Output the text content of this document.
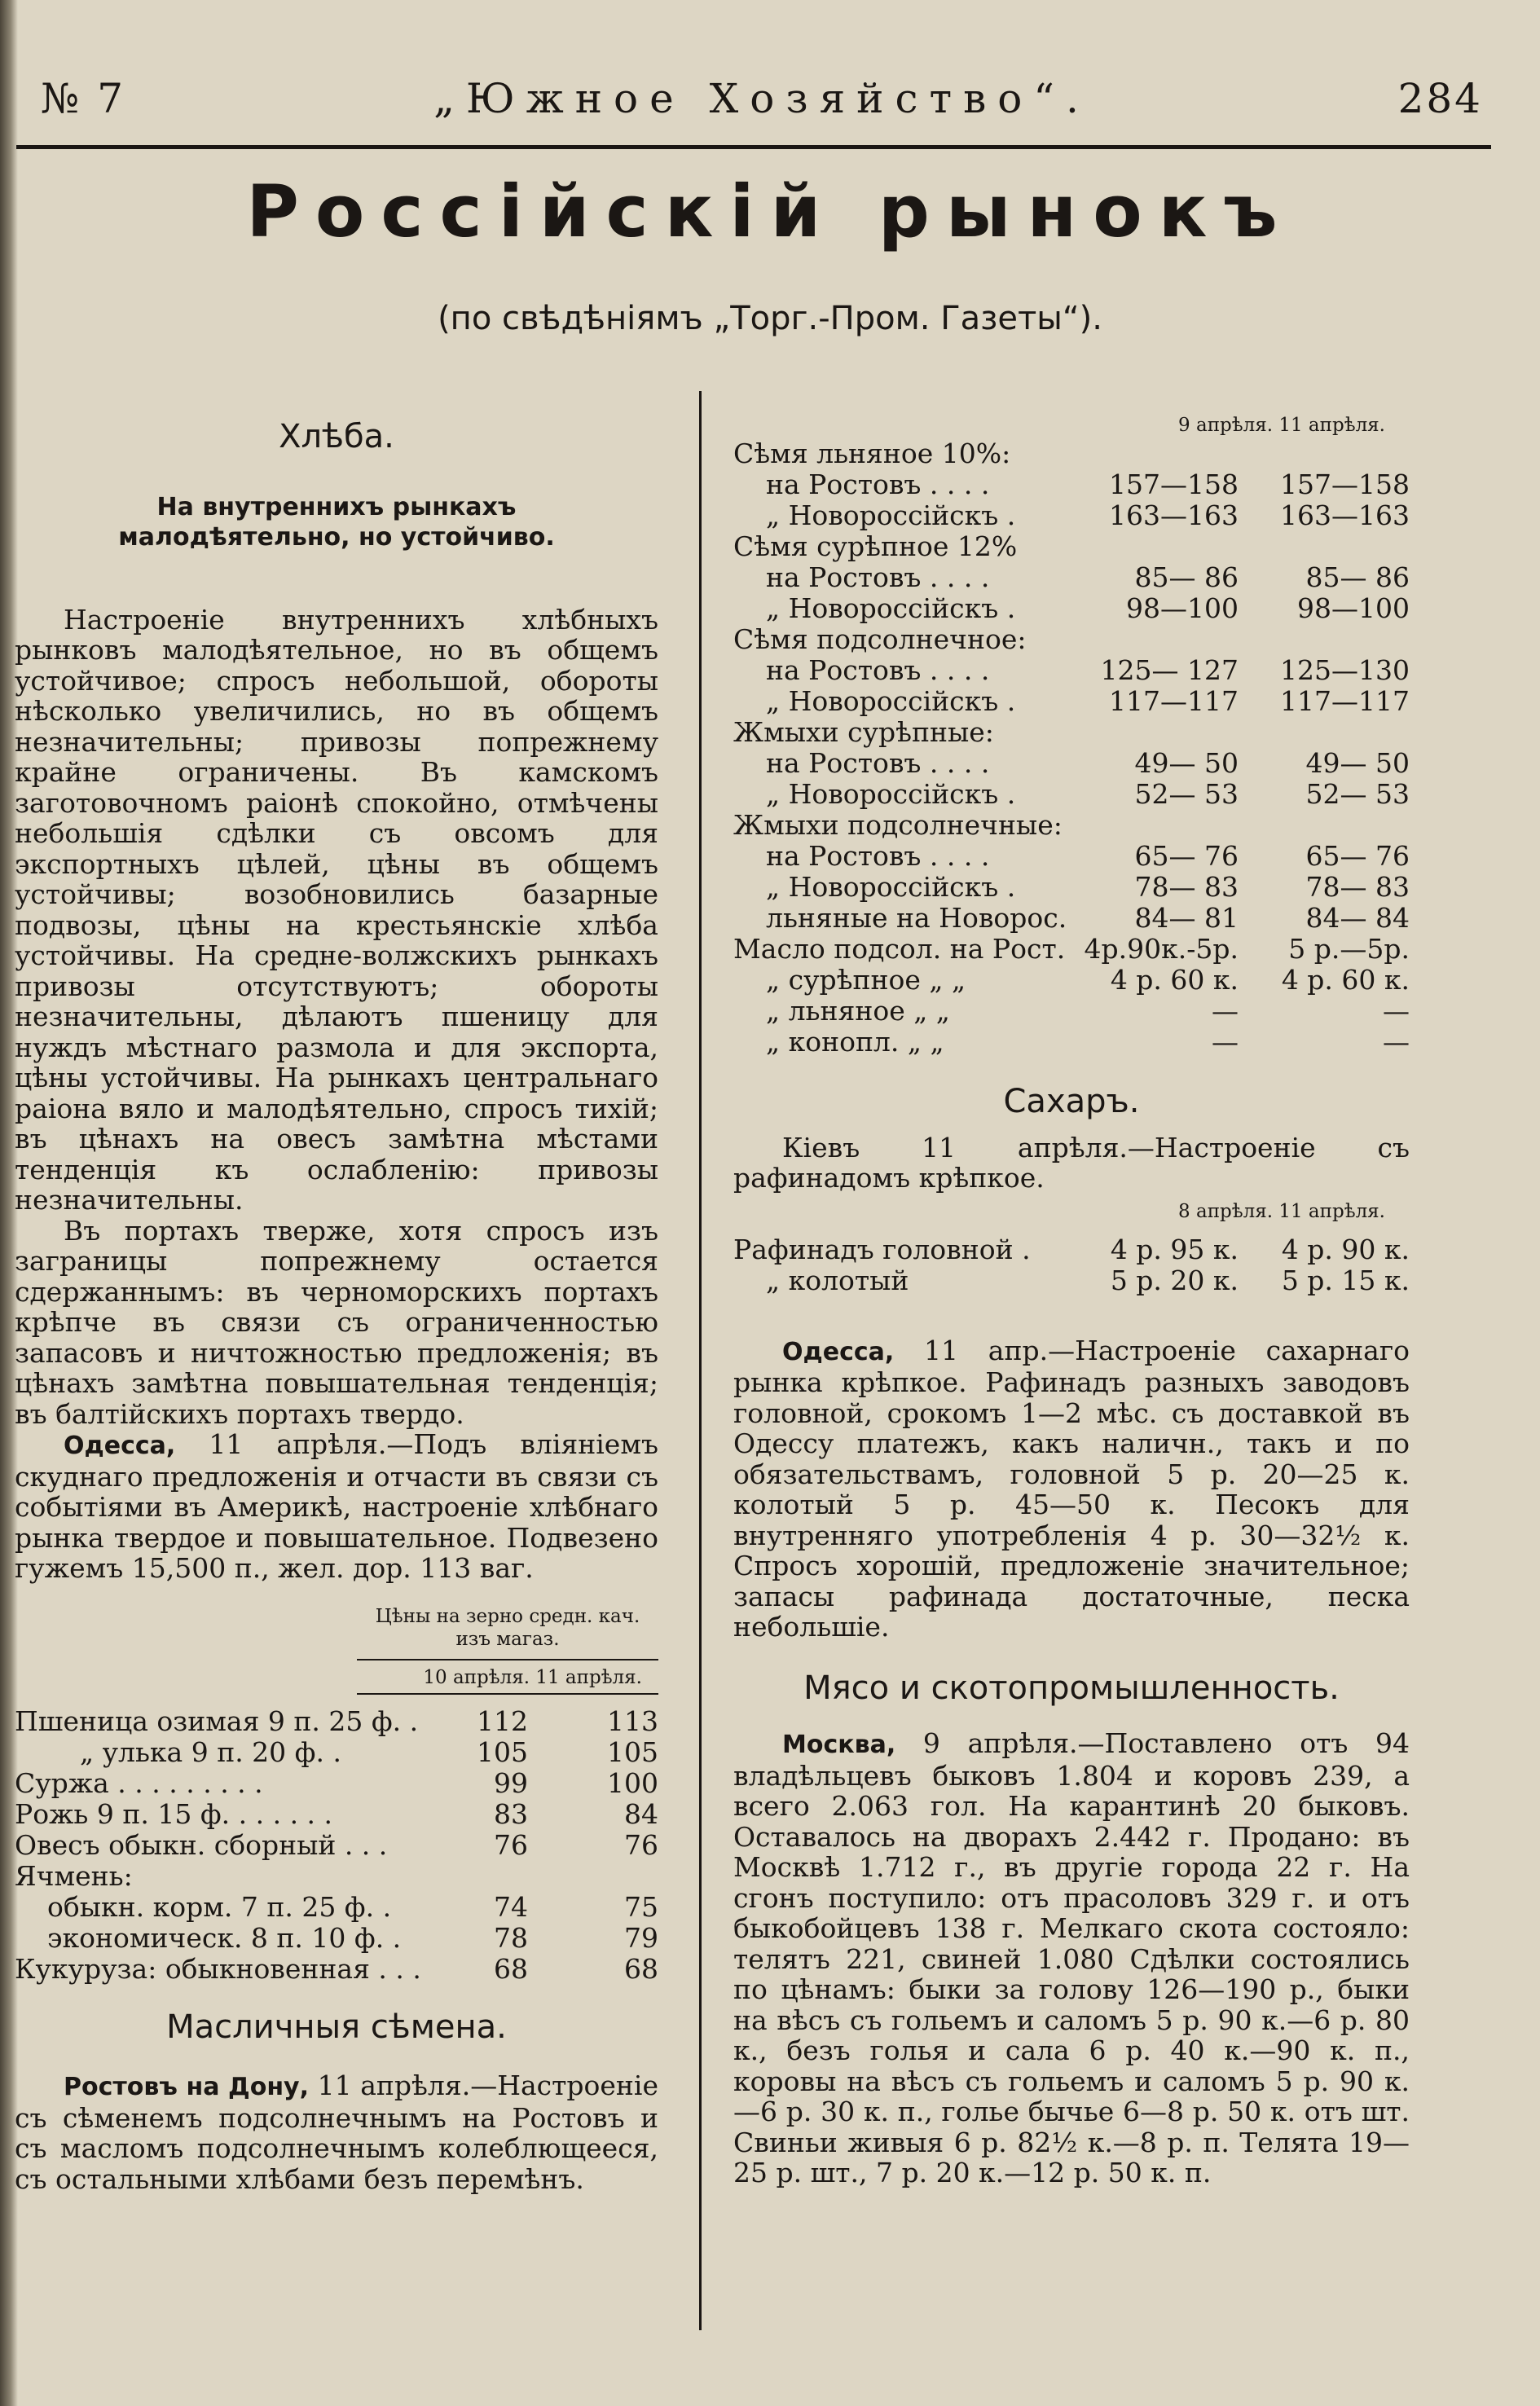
№ 7	„Южное Хозяйство“.	284
Россійскій рынокъ
(по свѣдѣніямъ „Торг.-Пром. Газеты“).
Хлѣба.
На внутреннихъ рынкахъ малодѣятельно, но устойчиво.

Настроеніе внутреннихъ хлѣбныхъ рынковъ малодѣятельное, но въ общемъ устойчивое; спросъ небольшой, обороты нѣсколько увеличились, но въ общемъ незначительны; привозы попрежнему крайне ограничены. Въ камскомъ заготовочномъ раіонѣ спокойно, отмѣчены небольшія сдѣлки съ овсомъ для экспортныхъ цѣлей, цѣны въ общемъ устойчивы; возобновились базарные подвозы, цѣны на крестьянскіе хлѣба устойчивы. На средне-волжскихъ рынкахъ привозы отсутствуютъ; обороты незначительны, дѣлаютъ пшеницу для нуждъ мѣстнаго размола и для экспорта, цѣны устойчивы. На рынкахъ центральнаго раіона вяло и малодѣятельно, спросъ тихій; въ цѣнахъ на овесъ замѣтна мѣстами тенденція къ ослабленію: привозы незначительны.

Въ портахъ тверже, хотя спросъ изъ заграницы попрежнему остается сдержаннымъ: въ черноморскихъ портахъ крѣпче въ связи съ ограниченностью запасовъ и ничтожностью предложенія; въ цѣнахъ замѣтна повышательная тенденція; въ балтійскихъ портахъ твердо.

Одесса, 11 апрѣля.—Подъ вліяніемъ скуднаго предложенія и отчасти въ связи съ событіями въ Америкѣ, настроеніе хлѣбнаго рынка твердое и повышательное. Подвезено гужемъ 15,500 п., жел. дор. 113 ваг.

Цѣны на зерно средн. кач. изъ магаз.
10 апрѣля. 11 апрѣля.
Пшеница озимая 9 п. 25 ф. .	112	113
„ улька 9 п. 20 ф. .	105	105
Суржа . . . . . . . . .	99	100
Рожь 9 п. 15 ф. . . . . . .	83	84
Овесъ обыкн. сборный . . .	76	76
Ячмень:		
обыкн. корм. 7 п. 25 ф. .	74	75
экономическ. 8 п. 10 ф. .	78	79
Кукуруза: обыкновенная . . .	68	68
Масличныя сѣмена.

Ростовъ на Дону, 11 апрѣля.—Настроеніе съ сѣменемъ подсолнечнымъ на Ростовъ и съ масломъ подсолнечнымъ колеблющееся, съ остальными хлѣбами безъ перемѣнъ.

9 апрѣля. 11 апрѣля.
Сѣмя льняное 10%:		
на Ростовъ . . . .	157—158	157—158
„ Новороссійскъ .	163—163	163—163
Сѣмя сурѣпное 12%		
на Ростовъ . . . .	85— 86	85— 86
„ Новороссійскъ .	98—100	98—100
Сѣмя подсолнечное:		
на Ростовъ . . . .	125— 127	125—130
„ Новороссійскъ .	117—117	117—117
Жмыхи сурѣпные:		
на Ростовъ . . . .	49— 50	49— 50
„ Новороссійскъ .	52— 53	52— 53
Жмыхи подсолнечные:		
на Ростовъ . . . .	65— 76	65— 76
„ Новороссійскъ .	78— 83	78— 83
льняные на Новорос.	84— 81	84— 84
Масло подсол. на Рост.	4р.90к.-5р.	5 р.—5р.
„ сурѣпное „ „	4 р. 60 к.	4 р. 60 к.
„ льняное „ „	—	—
„ конопл. „ „	—	—
Сахаръ.

Кіевъ 11 апрѣля.—Настроеніе съ рафинадомъ крѣпкое.

8 апрѣля. 11 апрѣля.
Рафинадъ головной .	4 р. 95 к.	4 р. 90 к.
„ колотый	5 р. 20 к.	5 р. 15 к.

Одесса, 11 апр.—Настроеніе сахарнаго рынка крѣпкое. Рафинадъ разныхъ заводовъ головной, срокомъ 1—2 мѣс. съ доставкой въ Одессу платежъ, какъ наличн., такъ и по обязательствамъ, головной 5 р. 20—25 к. колотый 5 р. 45—50 к. Песокъ для внутренняго употребленія 4 р. 30—32½ к. Спросъ хорошій, предложеніе значительное; запасы рафинада достаточные, песка небольшіе.

Мясо и скотопромышленность.

Москва, 9 апрѣля.—Поставлено отъ 94 владѣльцевъ быковъ 1.804 и коровъ 239, а всего 2.063 гол. На карантинѣ 20 быковъ. Оставалось на дворахъ 2.442 г. Продано: въ Москвѣ 1.712 г., въ другіе города 22 г. На сгонъ поступило: отъ прасоловъ 329 г. и отъ быкобойцевъ 138 г. Мелкаго скота состояло: телятъ 221, свиней 1.080 Сдѣлки состоялись по цѣнамъ: быки за голову 126—190 р., быки на вѣсъ съ гольемъ и саломъ 5 р. 90 к.—6 р. 80 к., безъ голья и сала 6 р. 40 к.—90 к. п., коровы на вѣсъ съ гольемъ и саломъ 5 р. 90 к.—6 р. 30 к. п., голье бычье 6—8 р. 50 к. отъ шт. Свиньи живыя 6 р. 82½ к.—8 р. п. Телята 19—25 р. шт., 7 р. 20 к.—12 р. 50 к. п.
